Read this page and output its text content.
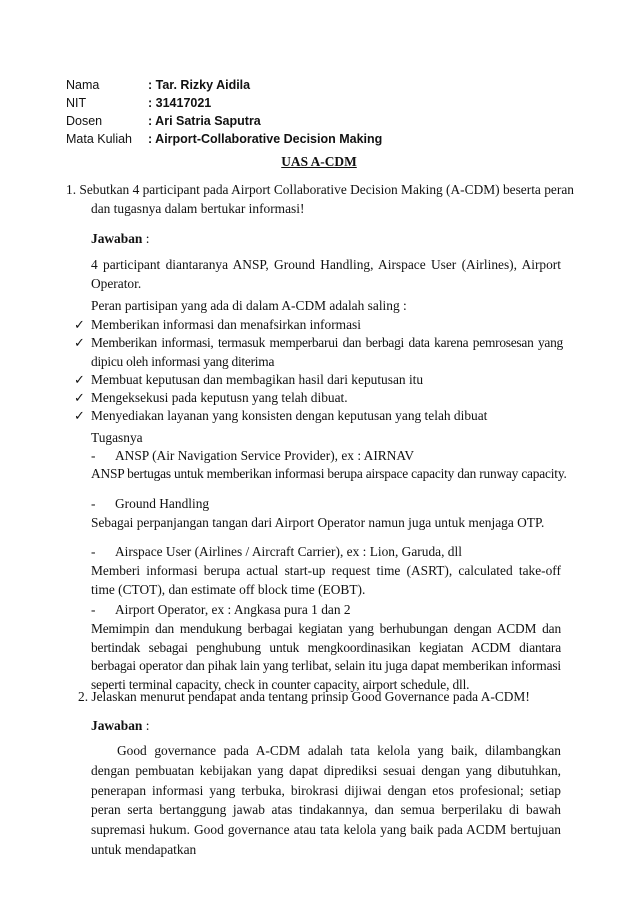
Nama	: Tar. Rizky Aidila
NIT	: 31417021
Dosen	: Ari Satria Saputra
Mata Kuliah : Airport-Collaborative Decision Making
UAS A-CDM
1. Sebutkan 4 participant pada Airport Collaborative Decision Making (A-CDM) beserta peran
dan tugasnya dalam bertukar informasi!
Jawaban :
4 participant diantaranya ANSP, Ground Handling, Airspace User (Airlines), Airport Operator.
Peran partisipan yang ada di dalam A-CDM adalah saling :
✓ Memberikan informasi dan menafsirkan informasi
✓ Memberikan informasi, termasuk memperbarui dan berbagi data karena pemrosesan yang dipicu oleh informasi yang diterima
✓ Membuat keputusan dan membagikan hasil dari keputusan itu
✓ Mengeksekusi pada keputusn yang telah dibuat.
✓ Menyediakan layanan yang konsisten dengan keputusan yang telah dibuat
Tugasnya
- ANSP (Air Navigation Service Provider), ex : AIRNAV
ANSP bertugas untuk memberikan informasi berupa airspace capacity dan runway capacity.
- Ground Handling
Sebagai perpanjangan tangan dari Airport Operator namun juga untuk menjaga OTP.
- Airspace User (Airlines / Aircraft Carrier), ex : Lion, Garuda, dll
Memberi informasi berupa actual start-up request time (ASRT), calculated take-off time (CTOT), dan estimate off block time (EOBT).
- Airport Operator, ex : Angkasa pura 1 dan 2
Memimpin dan mendukung berbagai kegiatan yang berhubungan dengan ACDM dan bertindak sebagai penghubung untuk mengkoordinasikan kegiatan ACDM diantara berbagai operator dan pihak lain yang terlibat, selain itu juga dapat memberikan informasi seperti terminal capacity, check in counter capacity, airport schedule, dll.
2. Jelaskan menurut pendapat anda tentang prinsip Good Governance pada A-CDM!
Jawaban :
Good governance pada A-CDM adalah tata kelola yang baik, dilambangkan dengan pembuatan kebijakan yang dapat diprediksi sesuai dengan yang dibutuhkan, penerapan informasi yang terbuka, birokrasi dijiwai dengan etos profesional; setiap peran serta bertanggung jawab atas tindakannya, dan semua berperilaku di bawah supremasi hukum. Good governance atau tata kelola yang baik pada ACDM bertujuan untuk mendapatkan
